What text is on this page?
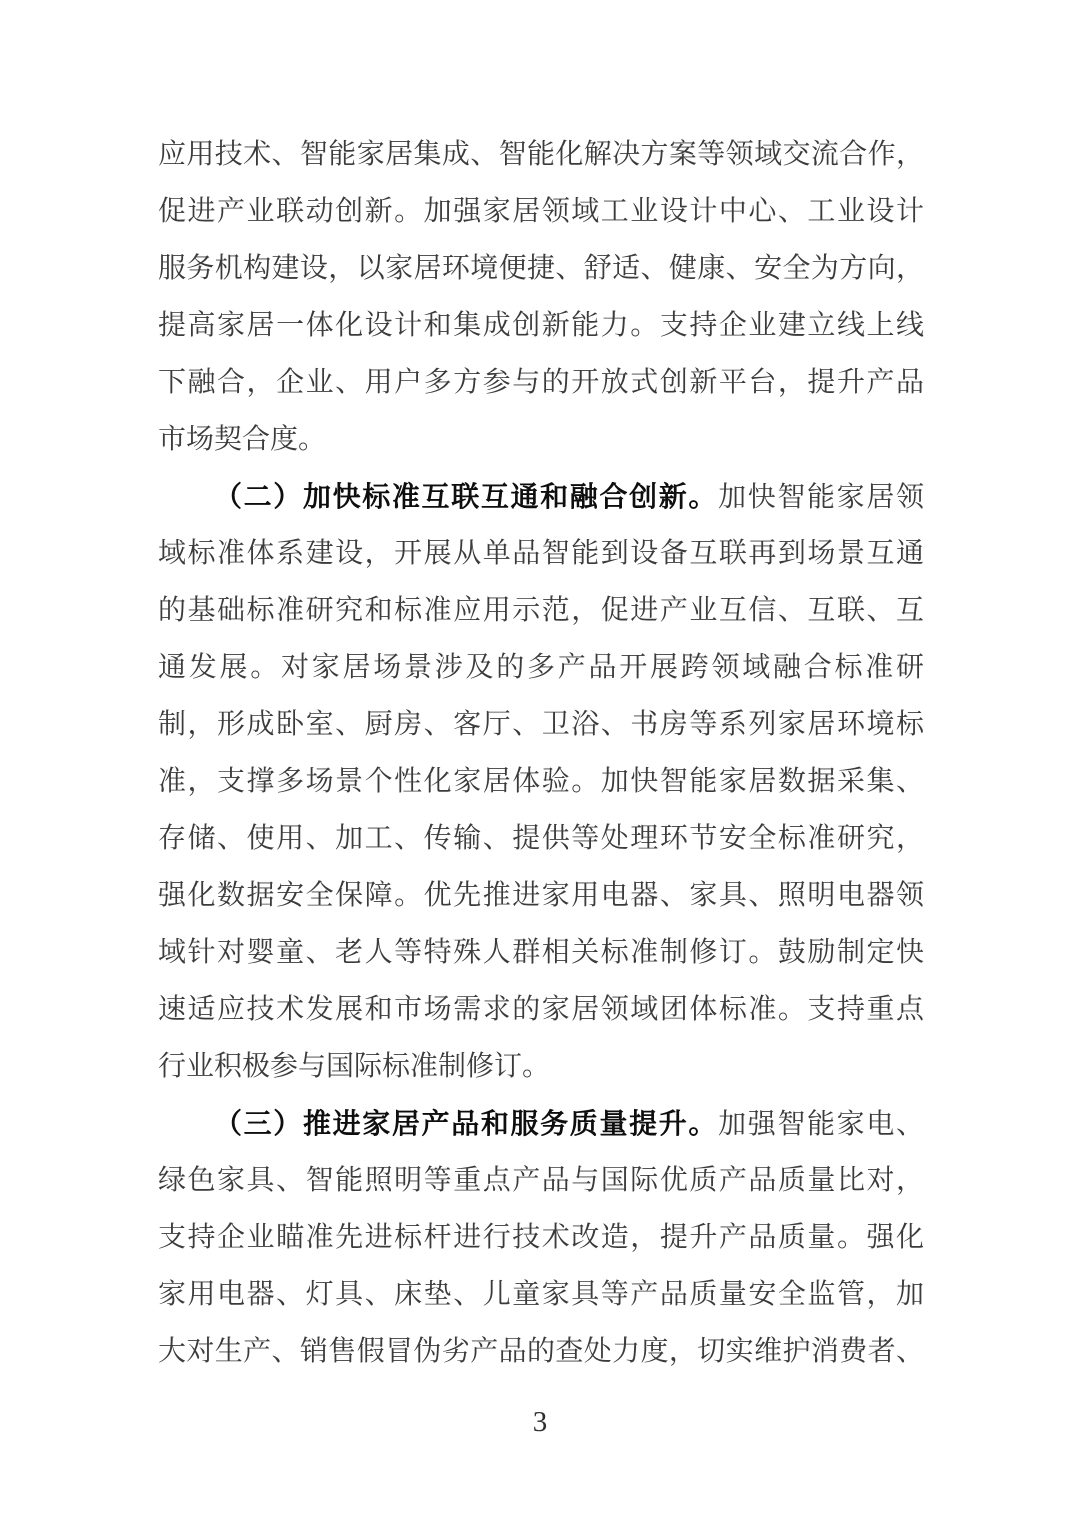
应用技术、智能家居集成、智能化解决方案等领域交流合作，
促进产业联动创新。加强家居领域工业设计中心、工业设计
服务机构建设，以家居环境便捷、舒适、健康、安全为方向，
提高家居一体化设计和集成创新能力。支持企业建立线上线
下融合，企业、用户多方参与的开放式创新平台，提升产品
市场契合度。
（二）加快标准互联互通和融合创新。加快智能家居领
域标准体系建设，开展从单品智能到设备互联再到场景互通
的基础标准研究和标准应用示范，促进产业互信、互联、互
通发展。对家居场景涉及的多产品开展跨领域融合标准研
制，形成卧室、厨房、客厅、卫浴、书房等系列家居环境标
准，支撑多场景个性化家居体验。加快智能家居数据采集、
存储、使用、加工、传输、提供等处理环节安全标准研究，
强化数据安全保障。优先推进家用电器、家具、照明电器领
域针对婴童、老人等特殊人群相关标准制修订。鼓励制定快
速适应技术发展和市场需求的家居领域团体标准。支持重点
行业积极参与国际标准制修订。
（三）推进家居产品和服务质量提升。加强智能家电、
绿色家具、智能照明等重点产品与国际优质产品质量比对，
支持企业瞄准先进标杆进行技术改造，提升产品质量。强化
家用电器、灯具、床垫、儿童家具等产品质量安全监管，加
大对生产、销售假冒伪劣产品的查处力度，切实维护消费者、
3
